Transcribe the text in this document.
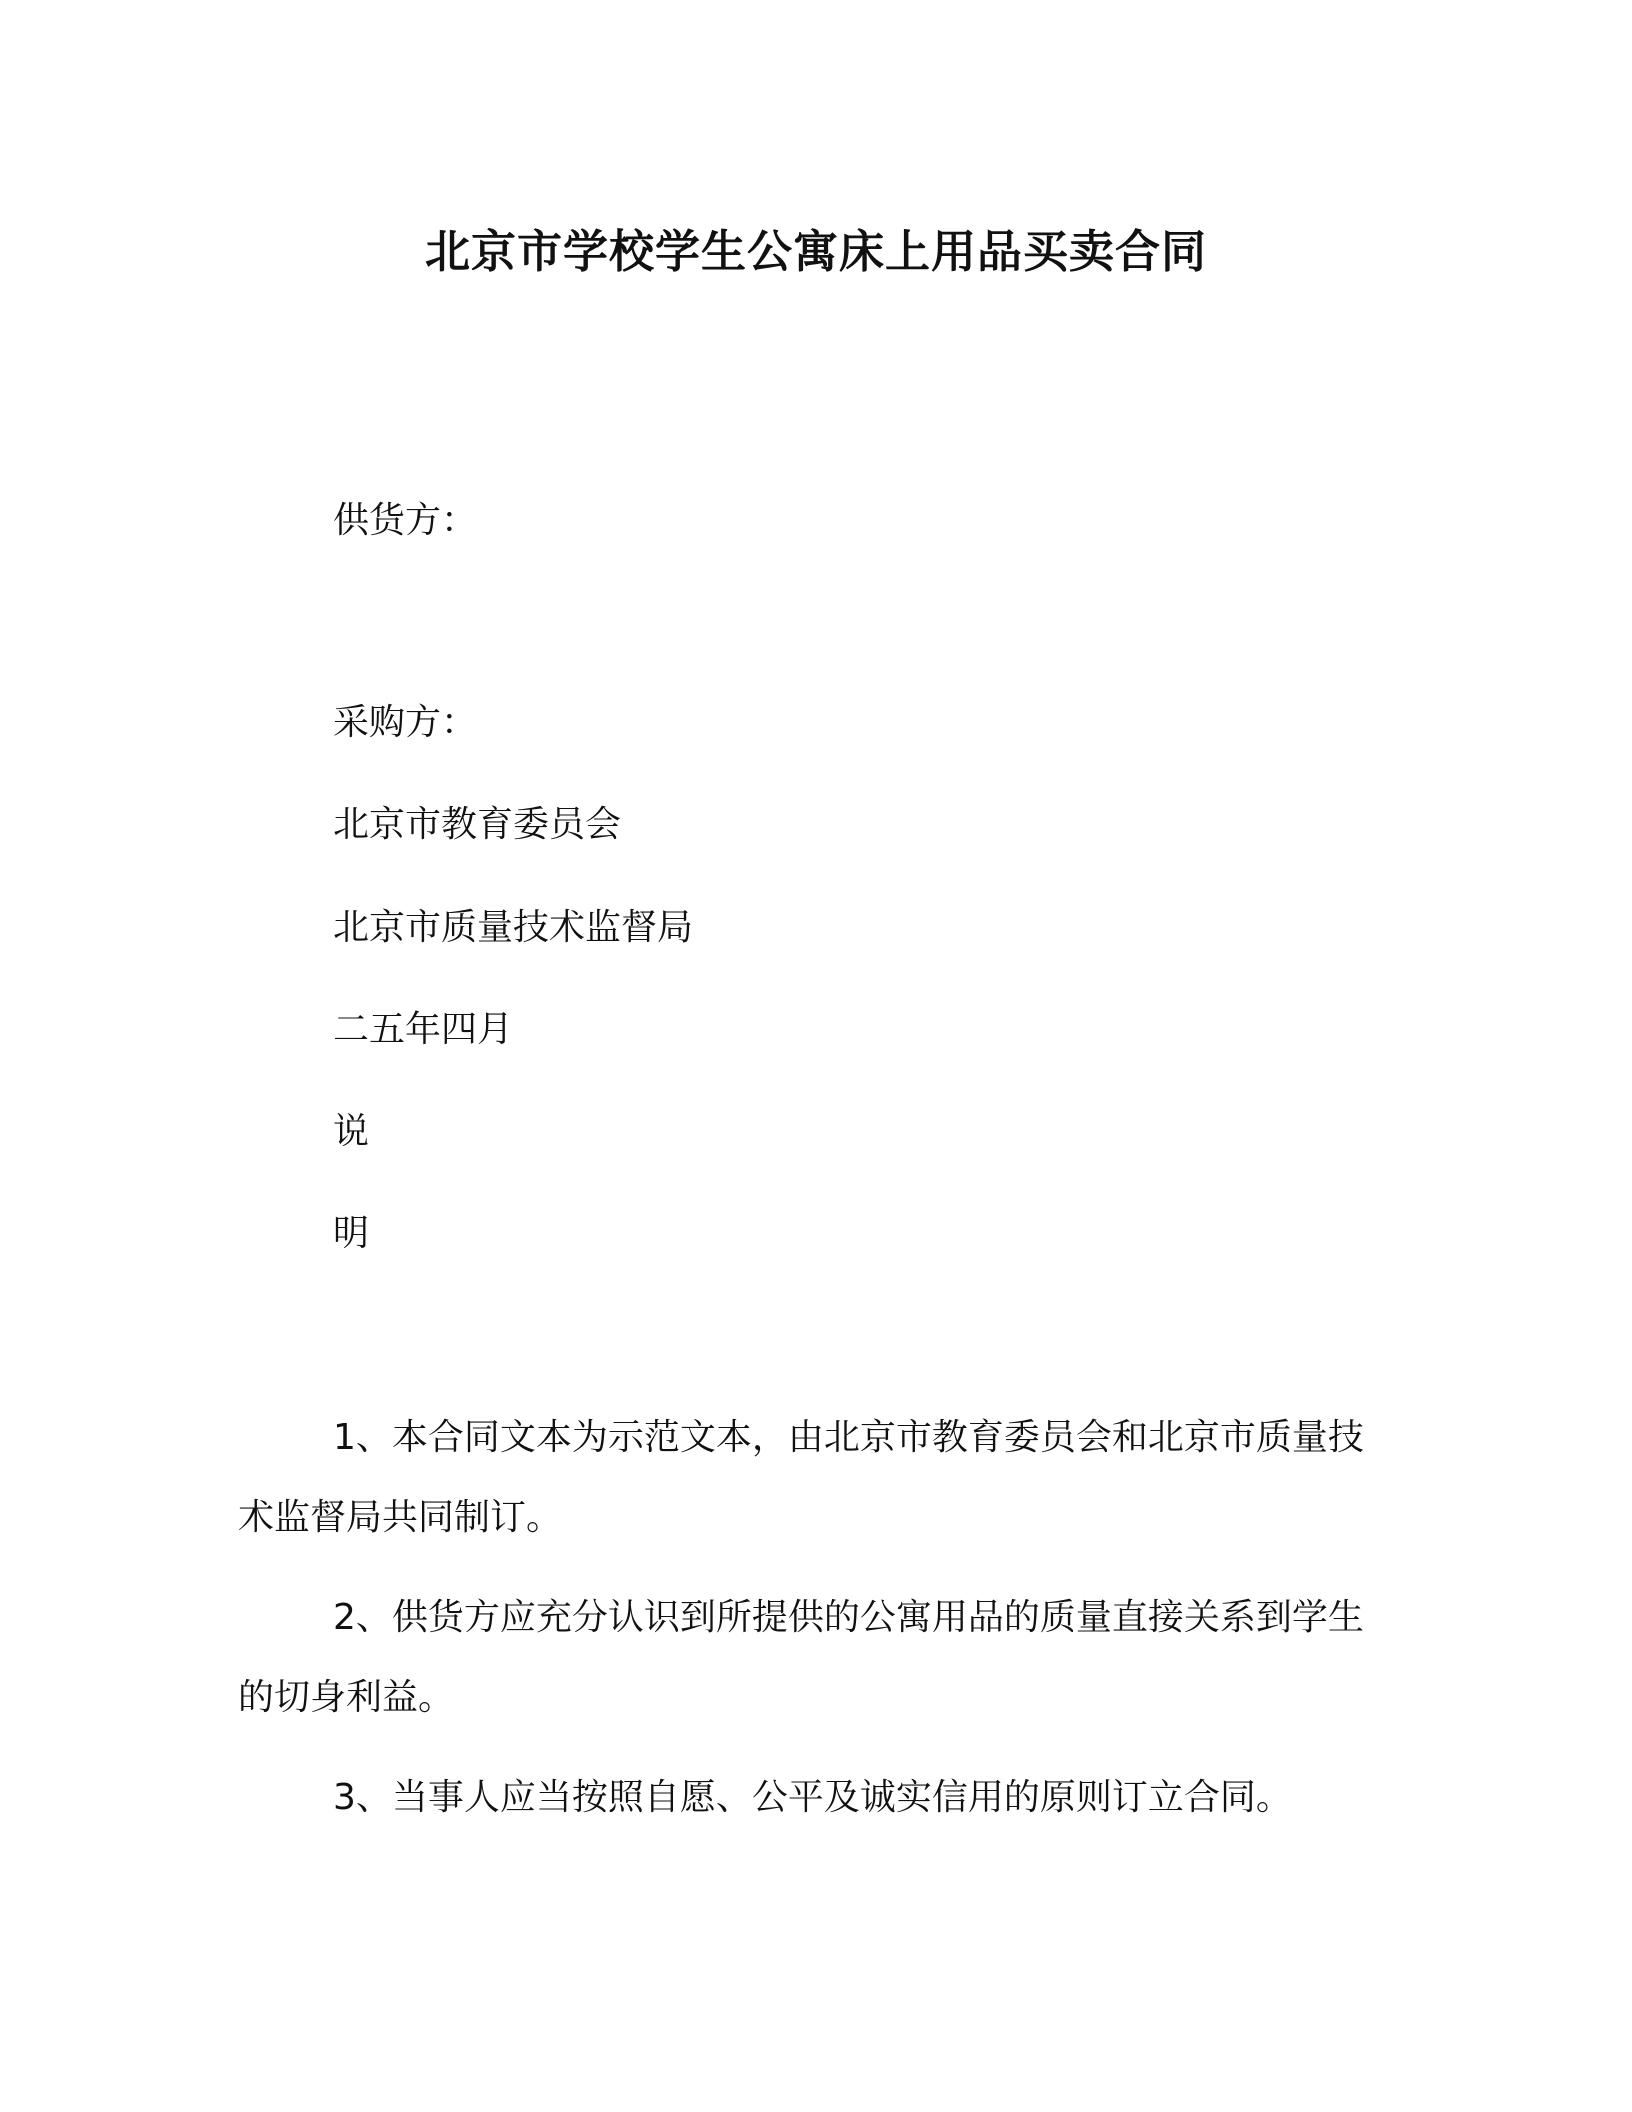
北京市学校学生公寓床上用品买卖合同
供货方：
采购方：
北京市教育委员会
北京市质量技术监督局
二五年四月
说
明

1、本合同文本为示范文本，由北京市教育委员会和北京市质量技术监督局共同制订。

2、供货方应充分认识到所提供的公寓用品的质量直接关系到学生的切身利益。

3、当事人应当按照自愿、公平及诚实信用的原则订立合同。
